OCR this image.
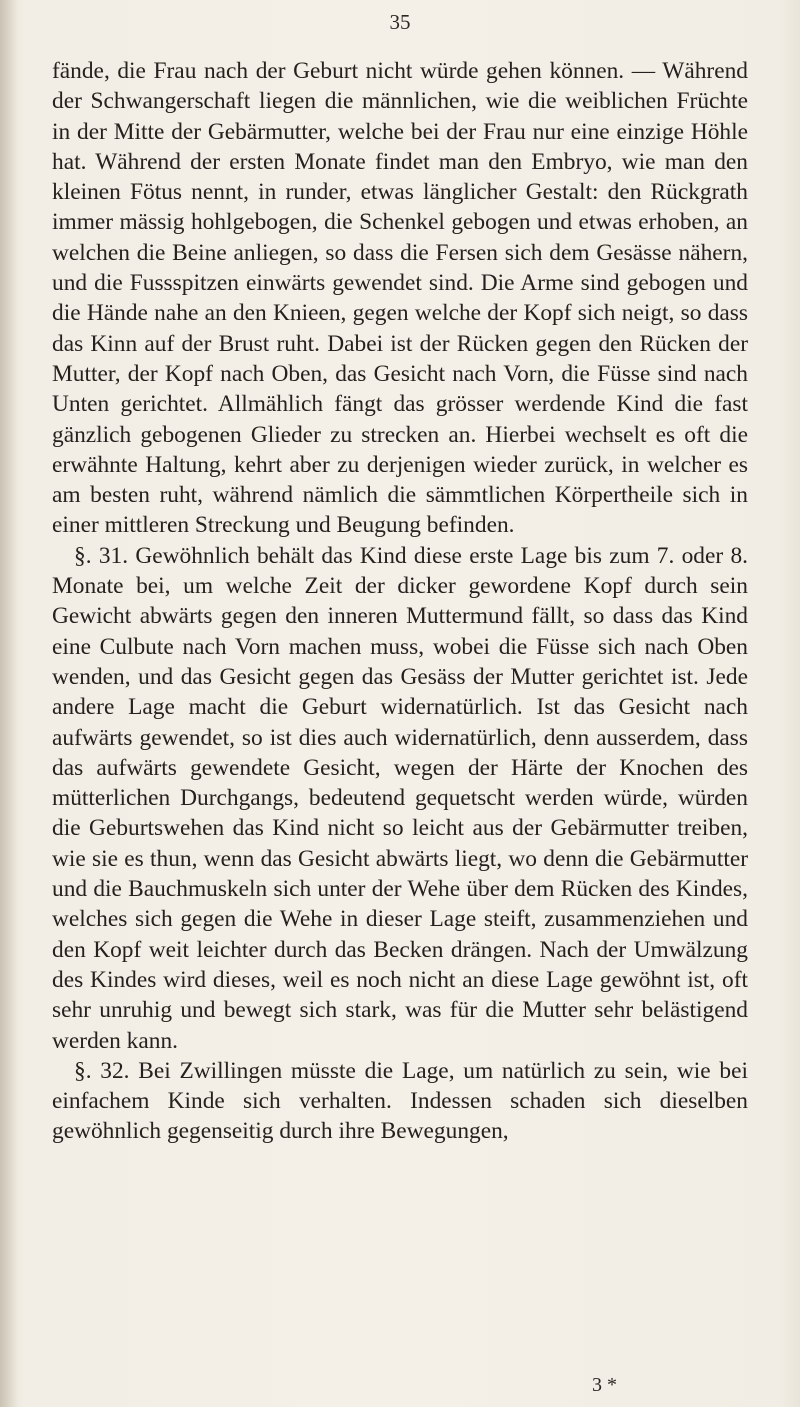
35

fände, die Frau nach der Geburt nicht würde gehen können. — Während der Schwangerschaft liegen die männlichen, wie die weiblichen Früchte in der Mitte der Gebärmutter, welche bei der Frau nur eine einzige Höhle hat. Während der ersten Monate findet man den Embryo, wie man den kleinen Fötus nennt, in runder, etwas länglicher Gestalt: den Rückgrath immer mässig hohlgebogen, die Schenkel gebogen und etwas erhoben, an welchen die Beine anliegen, so dass die Fersen sich dem Gesässe nähern, und die Fussspitzen einwärts gewendet sind. Die Arme sind gebogen und die Hände nahe an den Knieen, gegen welche der Kopf sich neigt, so dass das Kinn auf der Brust ruht. Dabei ist der Rücken gegen den Rücken der Mutter, der Kopf nach Oben, das Gesicht nach Vorn, die Füsse sind nach Unten gerichtet. Allmählich fängt das grösser werdende Kind die fast gänzlich gebogenen Glieder zu strecken an. Hierbei wechselt es oft die erwähnte Haltung, kehrt aber zu derjenigen wieder zurück, in welcher es am besten ruht, während nämlich die sämmtlichen Körpertheile sich in einer mittleren Streckung und Beugung befinden.

§. 31. Gewöhnlich behält das Kind diese erste Lage bis zum 7. oder 8. Monate bei, um welche Zeit der dicker gewordene Kopf durch sein Gewicht abwärts gegen den inneren Muttermund fällt, so dass das Kind eine Culbute nach Vorn machen muss, wobei die Füsse sich nach Oben wenden, und das Gesicht gegen das Gesäss der Mutter gerichtet ist. Jede andere Lage macht die Geburt widernatürlich. Ist das Gesicht nach aufwärts gewendet, so ist dies auch widernatürlich, denn ausserdem, dass das aufwärts gewendete Gesicht, wegen der Härte der Knochen des mütterlichen Durchgangs, bedeutend gequetscht werden würde, würden die Geburtswehen das Kind nicht so leicht aus der Gebärmutter treiben, wie sie es thun, wenn das Gesicht abwärts liegt, wo denn die Gebärmutter und die Bauchmuskeln sich unter der Wehe über dem Rücken des Kindes, welches sich gegen die Wehe in dieser Lage steift, zusammenziehen und den Kopf weit leichter durch das Becken drängen. Nach der Umwälzung des Kindes wird dieses, weil es noch nicht an diese Lage gewöhnt ist, oft sehr unruhig und bewegt sich stark, was für die Mutter sehr belästigend werden kann.

§. 32. Bei Zwillingen müsste die Lage, um natürlich zu sein, wie bei einfachem Kinde sich verhalten. Indessen schaden sich dieselben gewöhnlich gegenseitig durch ihre Bewegungen,

3 *
